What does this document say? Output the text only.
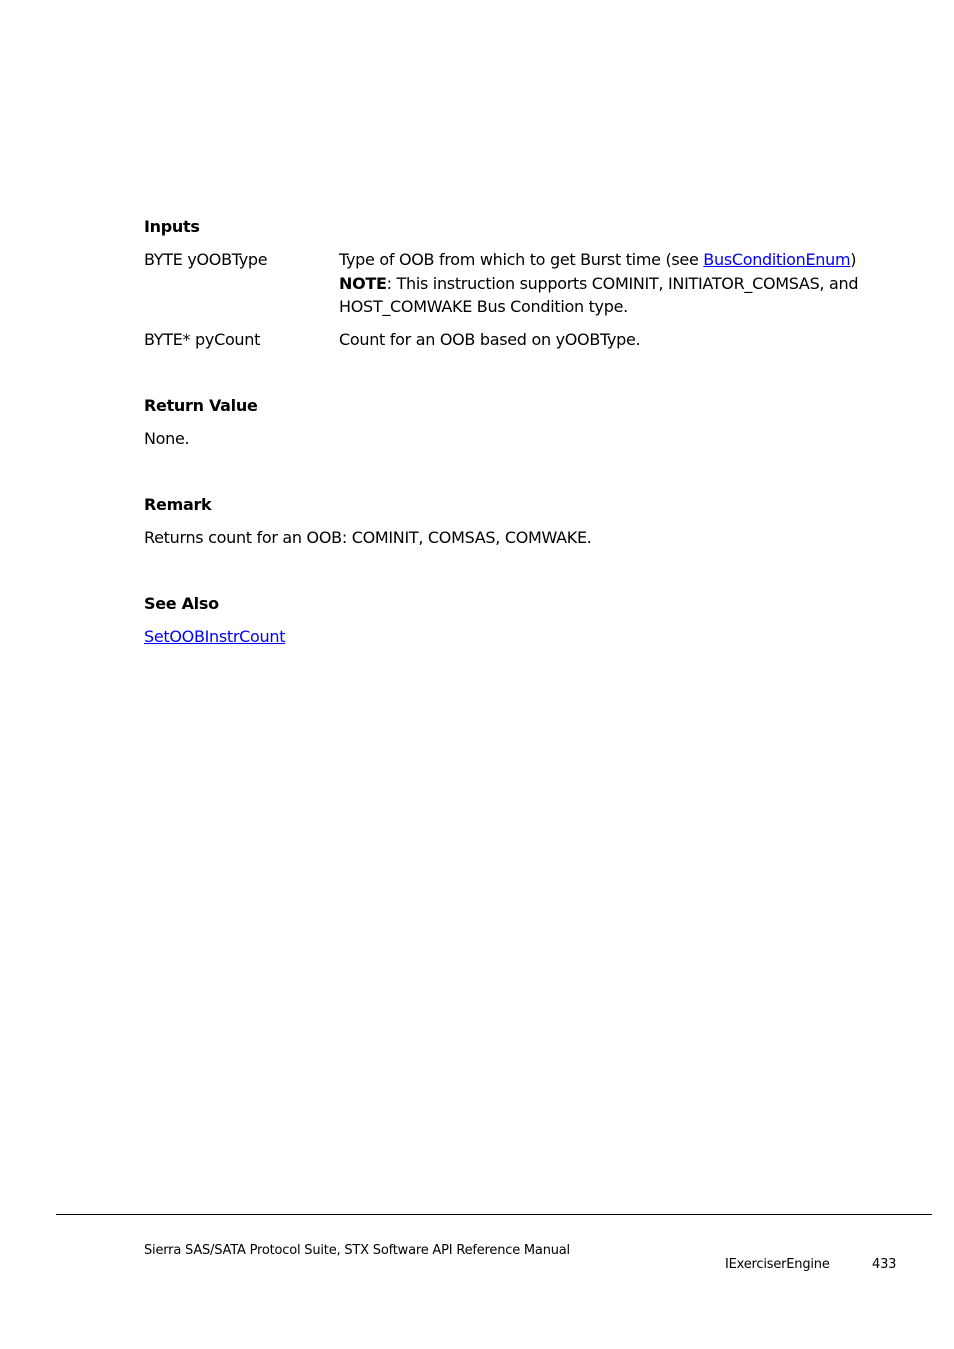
Inputs
BYTE yOOBType	Type of OOB from which to get Burst time (see BusConditionEnum)
NOTE: This instruction supports COMINIT, INITIATOR_COMSAS, and
HOST_COMWAKE Bus Condition type.
BYTE* pyCount	Count for an OOB based on yOOBType.
Return Value
None.
Remark
Returns count for an OOB: COMINIT, COMSAS, COMWAKE.
See Also
SetOOBInstrCount
Sierra SAS/SATA Protocol Suite, STX Software API Reference Manual
IExerciserEngine	433
